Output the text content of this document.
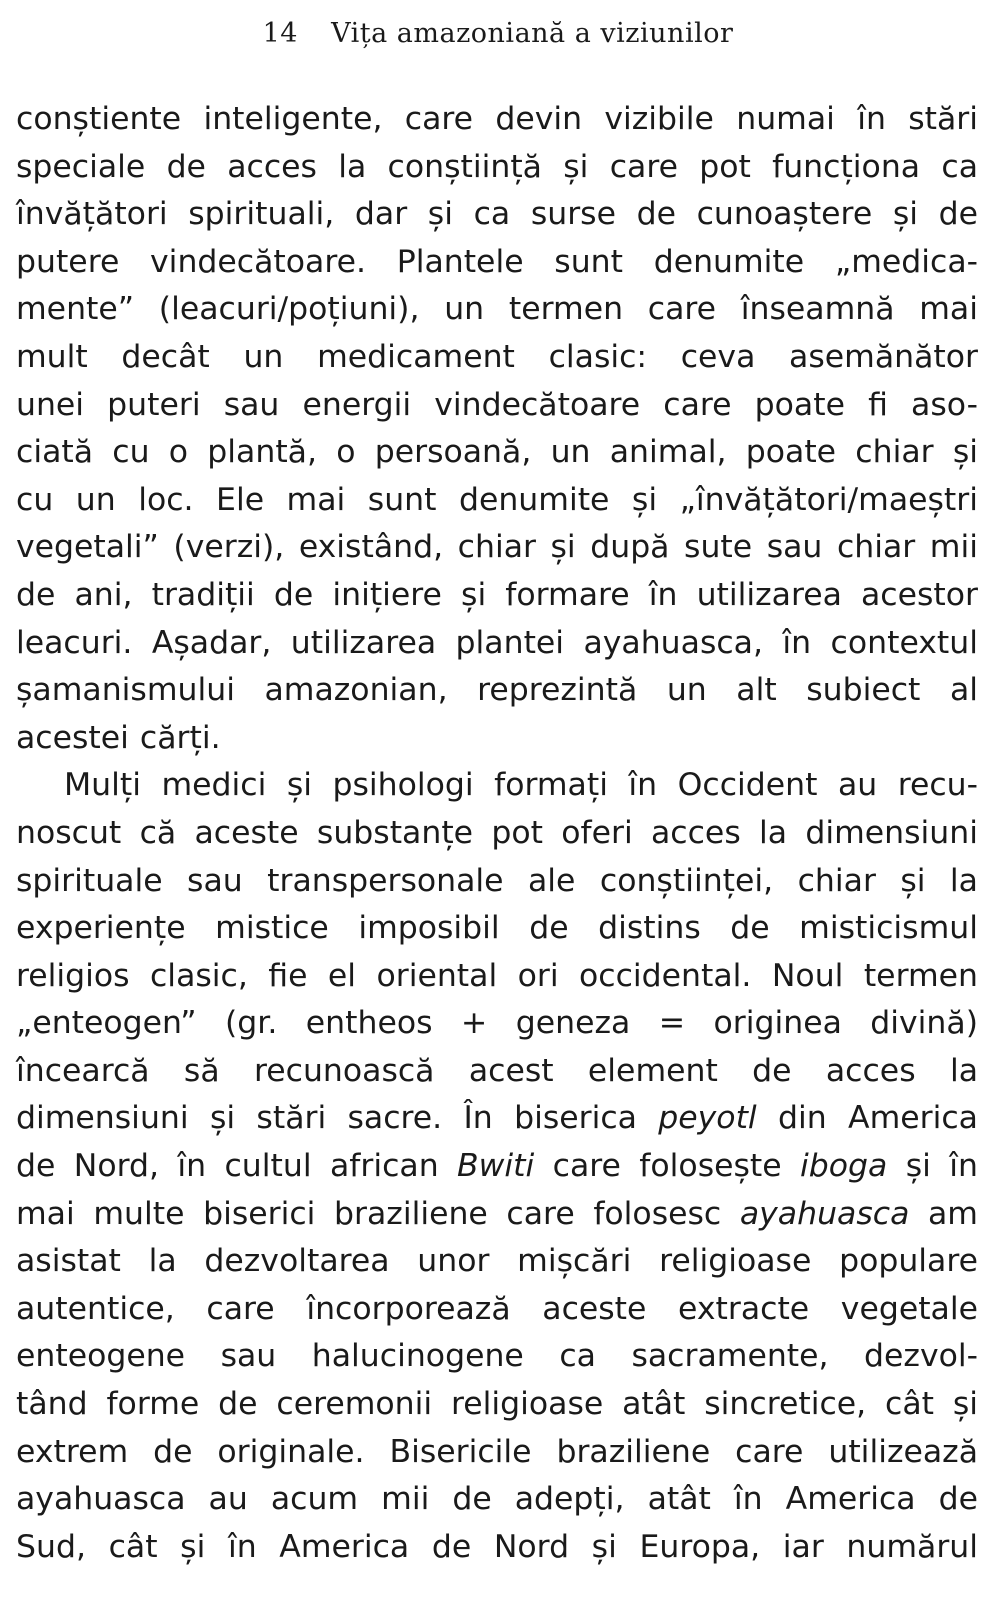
14 Vița amazoniană a viziunilor
conștiente inteligente, care devin vizibile numai în stări
speciale de acces la conștiință și care pot funcționa ca
învățători spirituali, dar și ca surse de cunoaștere și de
putere vindecătoare. Plantele sunt denumite „medica-
mente” (leacuri/poțiuni), un termen care înseamnă mai
mult decât un medicament clasic: ceva asemănător
unei puteri sau energii vindecătoare care poate fi aso-
ciată cu o plantă, o persoană, un animal, poate chiar și
cu un loc. Ele mai sunt denumite și „învățători/maeștri
vegetali” (verzi), existând, chiar și după sute sau chiar mii
de ani, tradiții de inițiere și formare în utilizarea acestor
leacuri. Așadar, utilizarea plantei ayahuasca, în contextul
șamanismului amazonian, reprezintă un alt subiect al
acestei cărți.
Mulți medici și psihologi formați în Occident au recu-
noscut că aceste substanțe pot oferi acces la dimensiuni
spirituale sau transpersonale ale conștiinței, chiar și la
experiențe mistice imposibil de distins de misticismul
religios clasic, fie el oriental ori occidental. Noul termen
„enteogen” (gr. entheos + geneza = originea divină)
încearcă să recunoască acest element de acces la
dimensiuni și stări sacre. În biserica peyotl din America
de Nord, în cultul african Bwiti care folosește iboga și în
mai multe biserici braziliene care folosesc ayahuasca am
asistat la dezvoltarea unor mișcări religioase populare
autentice, care încorporează aceste extracte vegetale
enteogene sau halucinogene ca sacramente, dezvol-
tând forme de ceremonii religioase atât sincretice, cât și
extrem de originale. Bisericile braziliene care utilizează
ayahuasca au acum mii de adepți, atât în America de
Sud, cât și în America de Nord și Europa, iar numărul
